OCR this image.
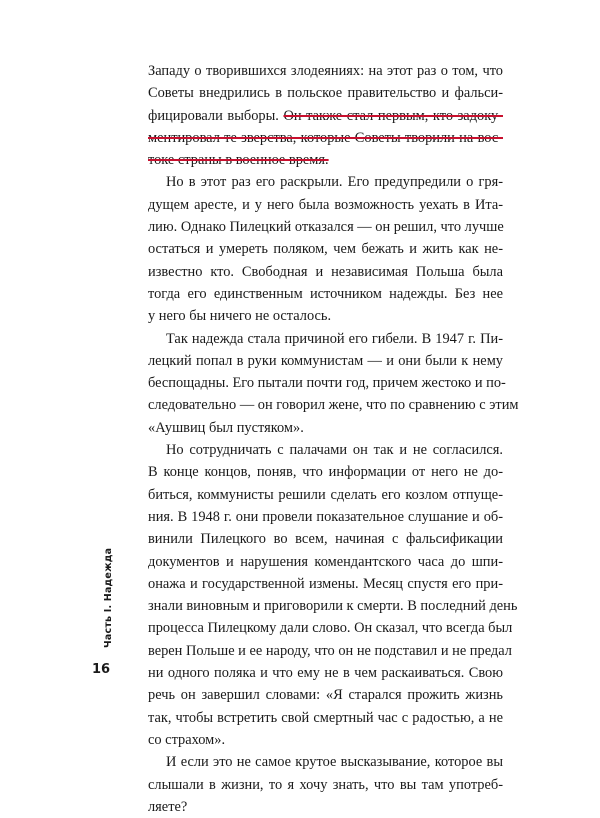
Западу о творившихся злодеяниях: на этот раз о том, что
Советы внедрились в польское правительство и фальси-
фицировали выборы. Он также стал первым, кто задоку-
ментировал те зверства, которые Советы творили на вос-
токе страны в военное время.
Но в этот раз его раскрыли. Его предупредили о гря-
дущем аресте, и у него была возможность уехать в Ита-
лию. Однако Пилецкий отказался — он решил, что лучше
остаться и умереть поляком, чем бежать и жить как не-
известно кто. Свободная и независимая Польша была
тогда его единственным источником надежды. Без нее
у него бы ничего не осталось.
Так надежда стала причиной его гибели. В 1947 г. Пи-
лецкий попал в руки коммунистам — и они были к нему
беспощадны. Его пытали почти год, причем жестоко и по-
следовательно — он говорил жене, что по сравнению с этим
«Аушвиц был пустяком».
Но сотрудничать с палачами он так и не согласился.
В конце концов, поняв, что информации от него не до-
биться, коммунисты решили сделать его козлом отпуще-
ния. В 1948 г. они провели показательное слушание и об-
винили Пилецкого во всем, начиная с фальсификации
документов и нарушения комендантского часа до шпи-
онажа и государственной измены. Месяц спустя его при-
знали виновным и приговорили к смерти. В последний день
процесса Пилецкому дали слово. Он сказал, что всегда был
верен Польше и ее народу, что он не подставил и не предал
ни одного поляка и что ему не в чем раскаиваться. Свою
речь он завершил словами: «Я старался прожить жизнь
так, чтобы встретить свой смертный час с радостью, а не
со страхом».
И если это не самое крутое высказывание, которое вы
слышали в жизни, то я хочу знать, что вы там употреб-
ляете?
Часть I. Надежда
16
